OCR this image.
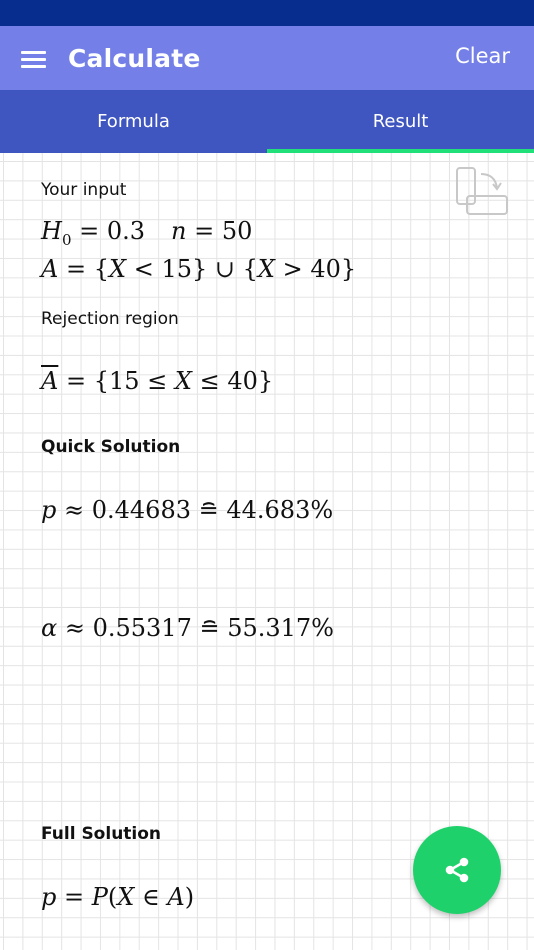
Calculate	Clear
Formula	Result
Your input
$H_0 = 0.3$ n = 50
A = {X < 15} ∪ {X > 40}
Rejection region
$\overline{A} = \{15 \le X \le 40\}$
Quick Solution
p ≈ 0.44683 ≘ 44.683%
α ≈ 0.55317 ≘ 55.317%
Full Solution
p = P(X ∈ A)
